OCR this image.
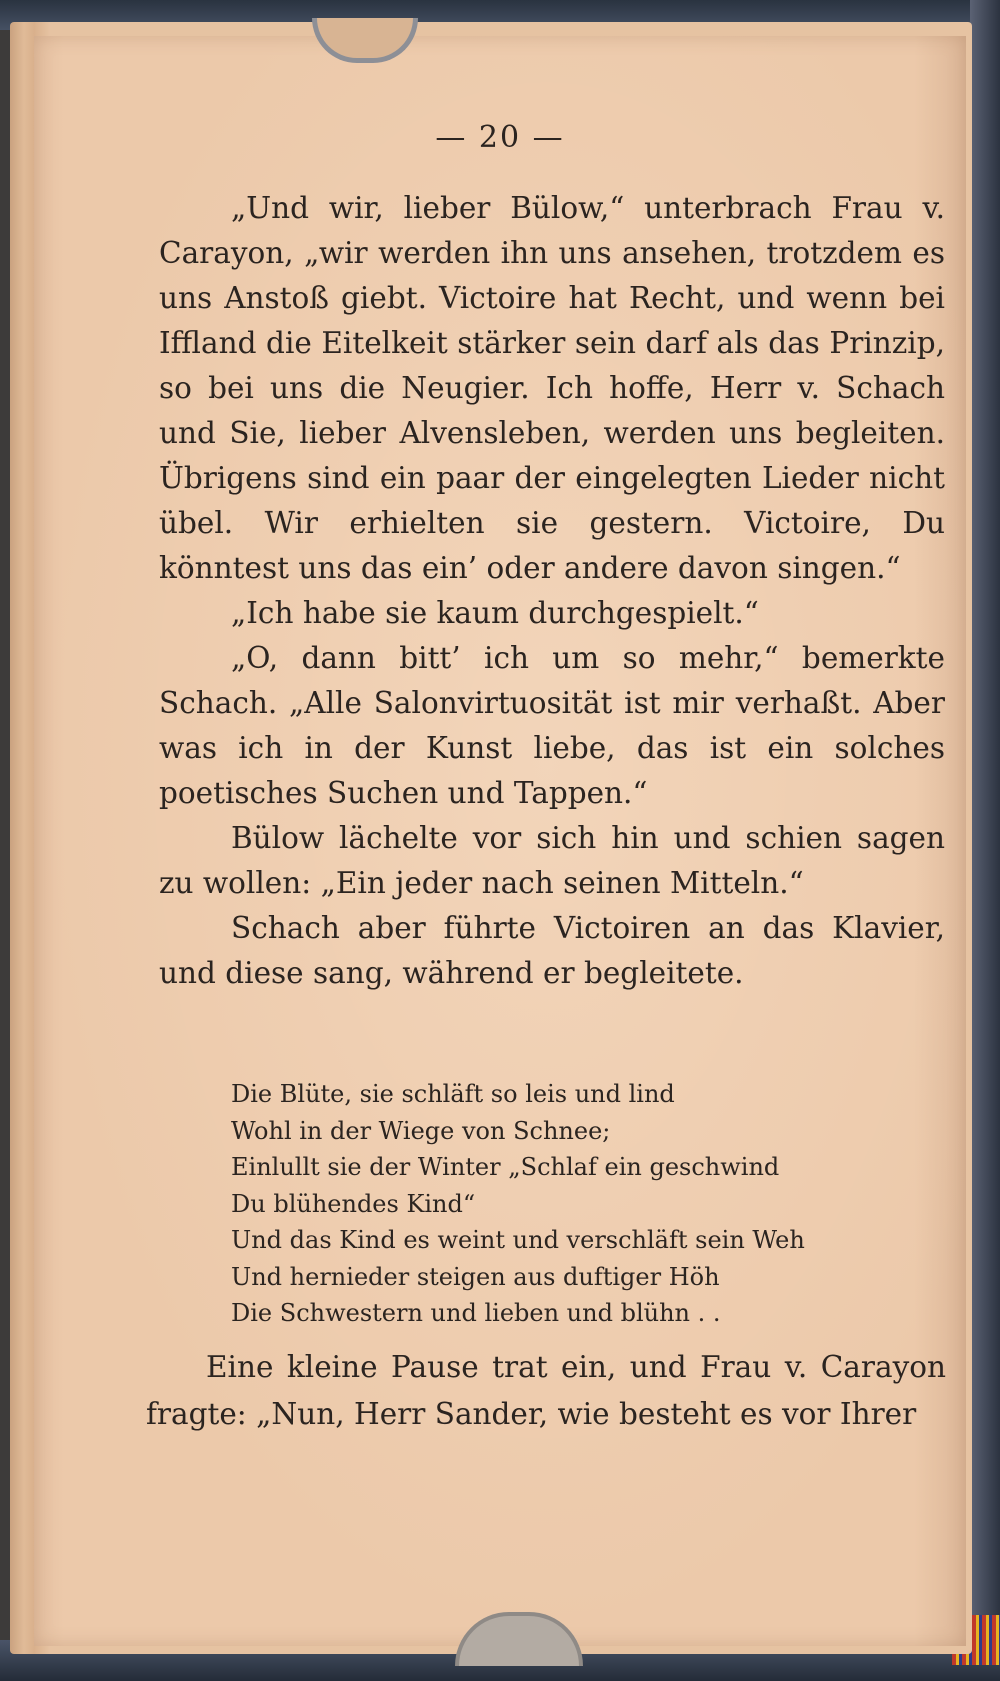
— 20 —

„Und wir, lieber Bülow,“ unterbrach Frau v. Carayon, „wir werden ihn uns ansehen, trotzdem es uns Anstoß giebt. Victoire hat Recht, und wenn bei Iffland die Eitelkeit stärker sein darf als das Prinzip, so bei uns die Neugier. Ich hoffe, Herr v. Schach und Sie, lieber Alvensleben, werden uns begleiten. Übrigens sind ein paar der eingelegten Lieder nicht übel. Wir erhielten sie gestern. Victoire, Du könntest uns das ein’ oder andere davon singen.“

„Ich habe sie kaum durchgespielt.“

„O, dann bitt’ ich um so mehr,“ bemerkte Schach. „Alle Salonvirtuosität ist mir verhaßt. Aber was ich in der Kunst liebe, das ist ein solches poetisches Suchen und Tappen.“

Bülow lächelte vor sich hin und schien sagen zu wollen: „Ein jeder nach seinen Mitteln.“

Schach aber führte Victoiren an das Klavier, und diese sang, während er begleitete.

Die Blüte, sie schläft so leis und lind
Wohl in der Wiege von Schnee;
Einlullt sie der Winter „Schlaf ein geschwind
Du blühendes Kind“
Und das Kind es weint und verschläft sein Weh
Und hernieder steigen aus duftiger Höh
Die Schwestern und lieben und blühn . .

Eine kleine Pause trat ein, und Frau v. Carayon fragte: „Nun, Herr Sander, wie besteht es vor Ihrer
